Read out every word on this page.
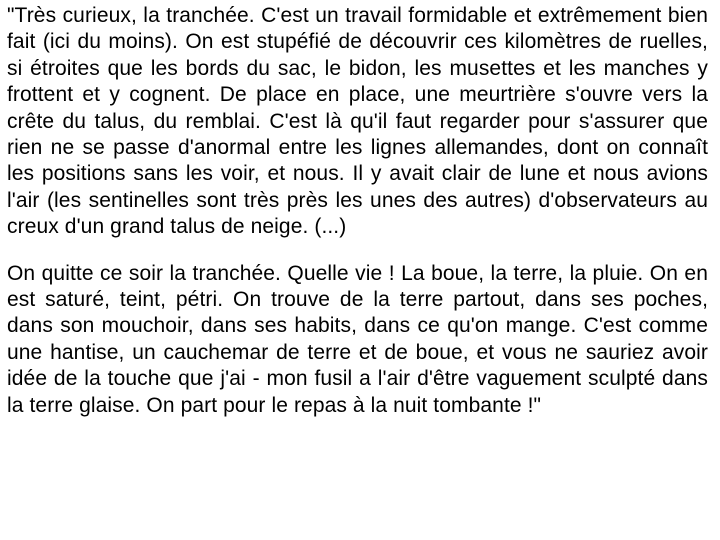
"Très curieux, la tranchée. C'est un travail formidable et extrêmement bien fait (ici du moins). On est stupéfié de découvrir ces kilomètres de ruelles, si étroites que les bords du sac, le bidon, les musettes et les manches y frottent et y cognent. De place en place, une meurtrière s'ouvre vers la crête du talus, du remblai. C'est là qu'il faut regarder pour s'assurer que rien ne se passe d'anormal entre les lignes allemandes, dont on connaît les positions sans les voir, et nous. Il y avait clair de lune et nous avions l'air (les sentinelles sont très près les unes des autres) d'observateurs au creux d'un grand talus de neige. (...)

On quitte ce soir la tranchée. Quelle vie ! La boue, la terre, la pluie. On en est saturé, teint, pétri. On trouve de la terre partout, dans ses poches, dans son mouchoir, dans ses habits, dans ce qu'on mange. C'est comme une hantise, un cauchemar de terre et de boue, et vous ne sauriez avoir idée de la touche que j'ai - mon fusil a l'air d'être vaguement sculpté dans la terre glaise. On part pour le repas à la nuit tombante !"
